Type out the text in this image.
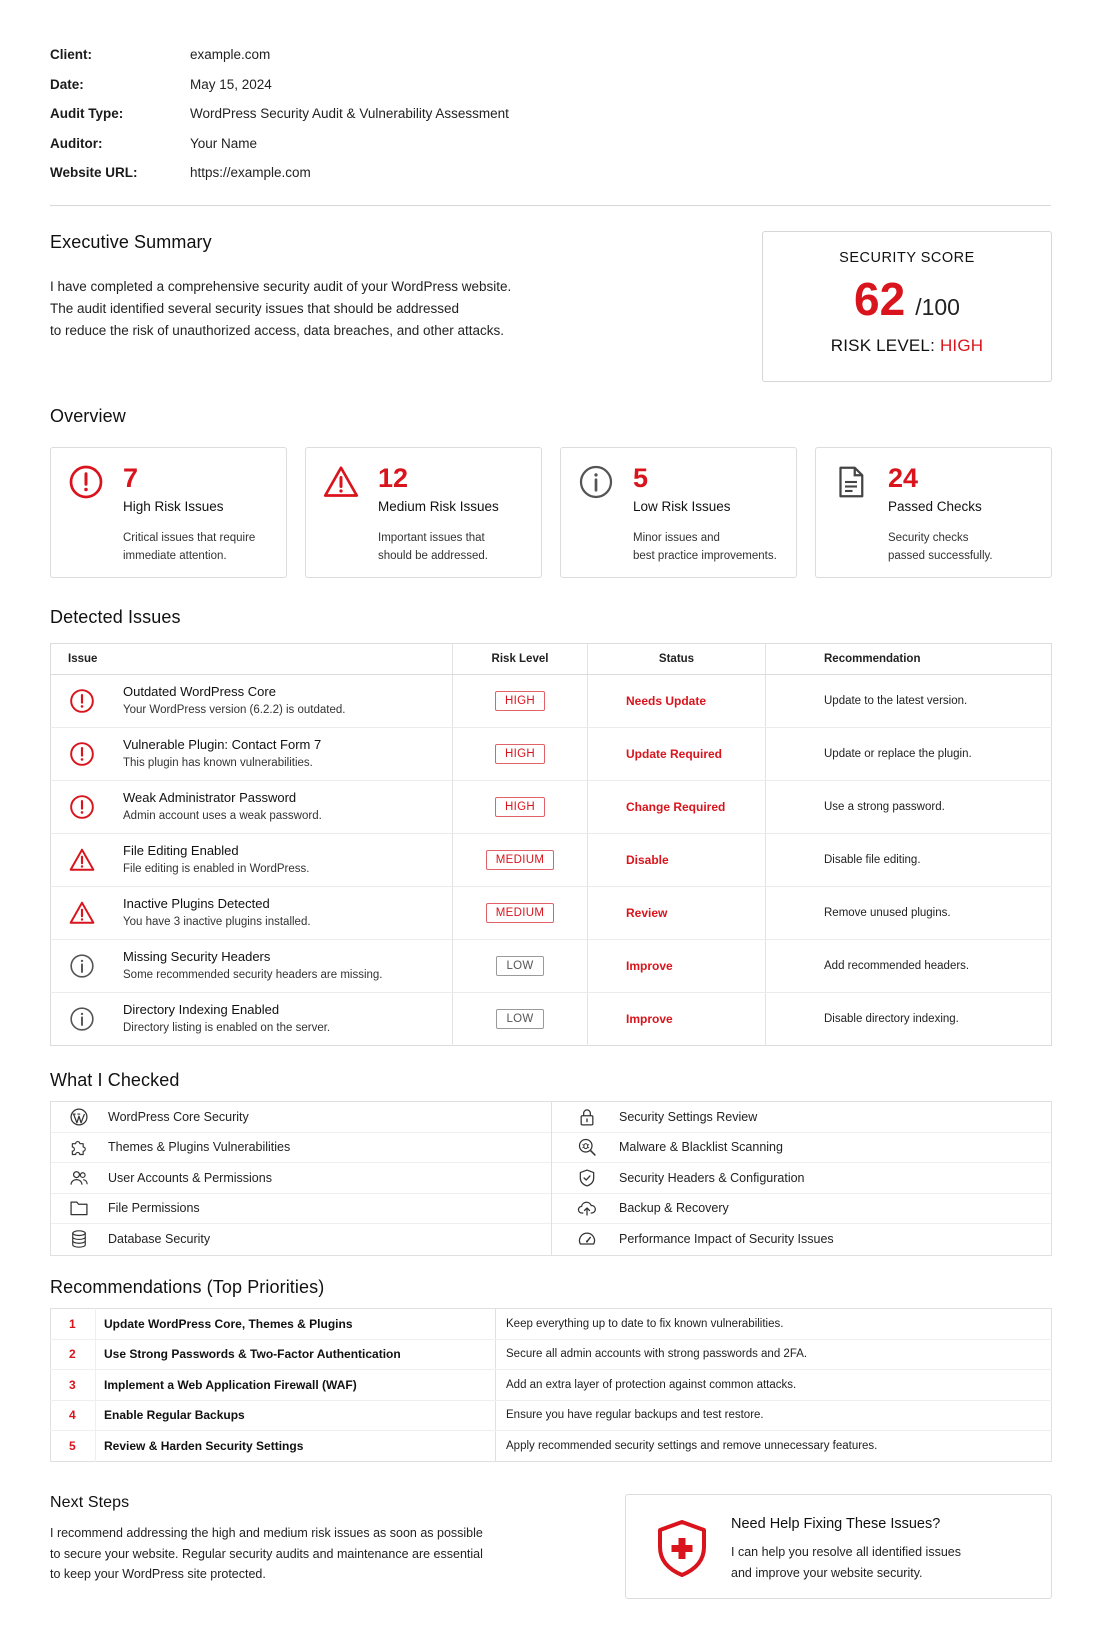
Client:	example.com
Date:	May 15, 2024
Audit Type:	WordPress Security Audit & Vulnerability Assessment
Auditor:	Your Name
Website URL:	https://example.com
Executive Summary

I have completed a comprehensive security audit of your WordPress website.
The audit identified several security issues that should be addressed
to reduce the risk of unauthorized access, data breaches, and other attacks.

SECURITY SCORE
62 /100
RISK LEVEL: HIGH
Overview
7
High Risk Issues
Critical issues that require
immediate attention.
12
Medium Risk Issues
Important issues that
should be addressed.
5
Low Risk Issues
Minor issues and
best practice improvements.
24
Passed Checks
Security checks
passed successfully.
Detected Issues
Issue	Risk Level	Status	Recommendation

Outdated WordPress Core
Your WordPress version (6.2.2) is outdated.	HIGH	Needs Update	Update to the latest version.

Vulnerable Plugin: Contact Form 7
This plugin has known vulnerabilities.	HIGH	Update Required	Update or replace the plugin.

Weak Administrator Password
Admin account uses a weak password.	HIGH	Change Required	Use a strong password.

File Editing Enabled
File editing is enabled in WordPress.	MEDIUM	Disable	Disable file editing.

Inactive Plugins Detected
You have 3 inactive plugins installed.	MEDIUM	Review	Remove unused plugins.

Missing Security Headers
Some recommended security headers are missing.	LOW	Improve	Add recommended headers.

Directory Indexing Enabled
Directory listing is enabled on the server.	LOW	Improve	Disable directory indexing.
What I Checked
WordPress Core Security
Themes & Plugins Vulnerabilities
User Accounts & Permissions
File Permissions
Database Security
Security Settings Review
Malware & Blacklist Scanning
Security Headers & Configuration
Backup & Recovery
Performance Impact of Security Issues
Recommendations (Top Priorities)
1	Update WordPress Core, Themes & Plugins	Keep everything up to date to fix known vulnerabilities.
2	Use Strong Passwords & Two-Factor Authentication	Secure all admin accounts with strong passwords and 2FA.
3	Implement a Web Application Firewall (WAF)	Add an extra layer of protection against common attacks.
4	Enable Regular Backups	Ensure you have regular backups and test restore.
5	Review & Harden Security Settings	Apply recommended security settings and remove unnecessary features.
Next Steps

I recommend addressing the high and medium risk issues as soon as possible
to secure your website. Regular security audits and maintenance are essential
to keep your WordPress site protected.

Need Help Fixing These Issues?
I can help you resolve all identified issues
and improve your website security.
